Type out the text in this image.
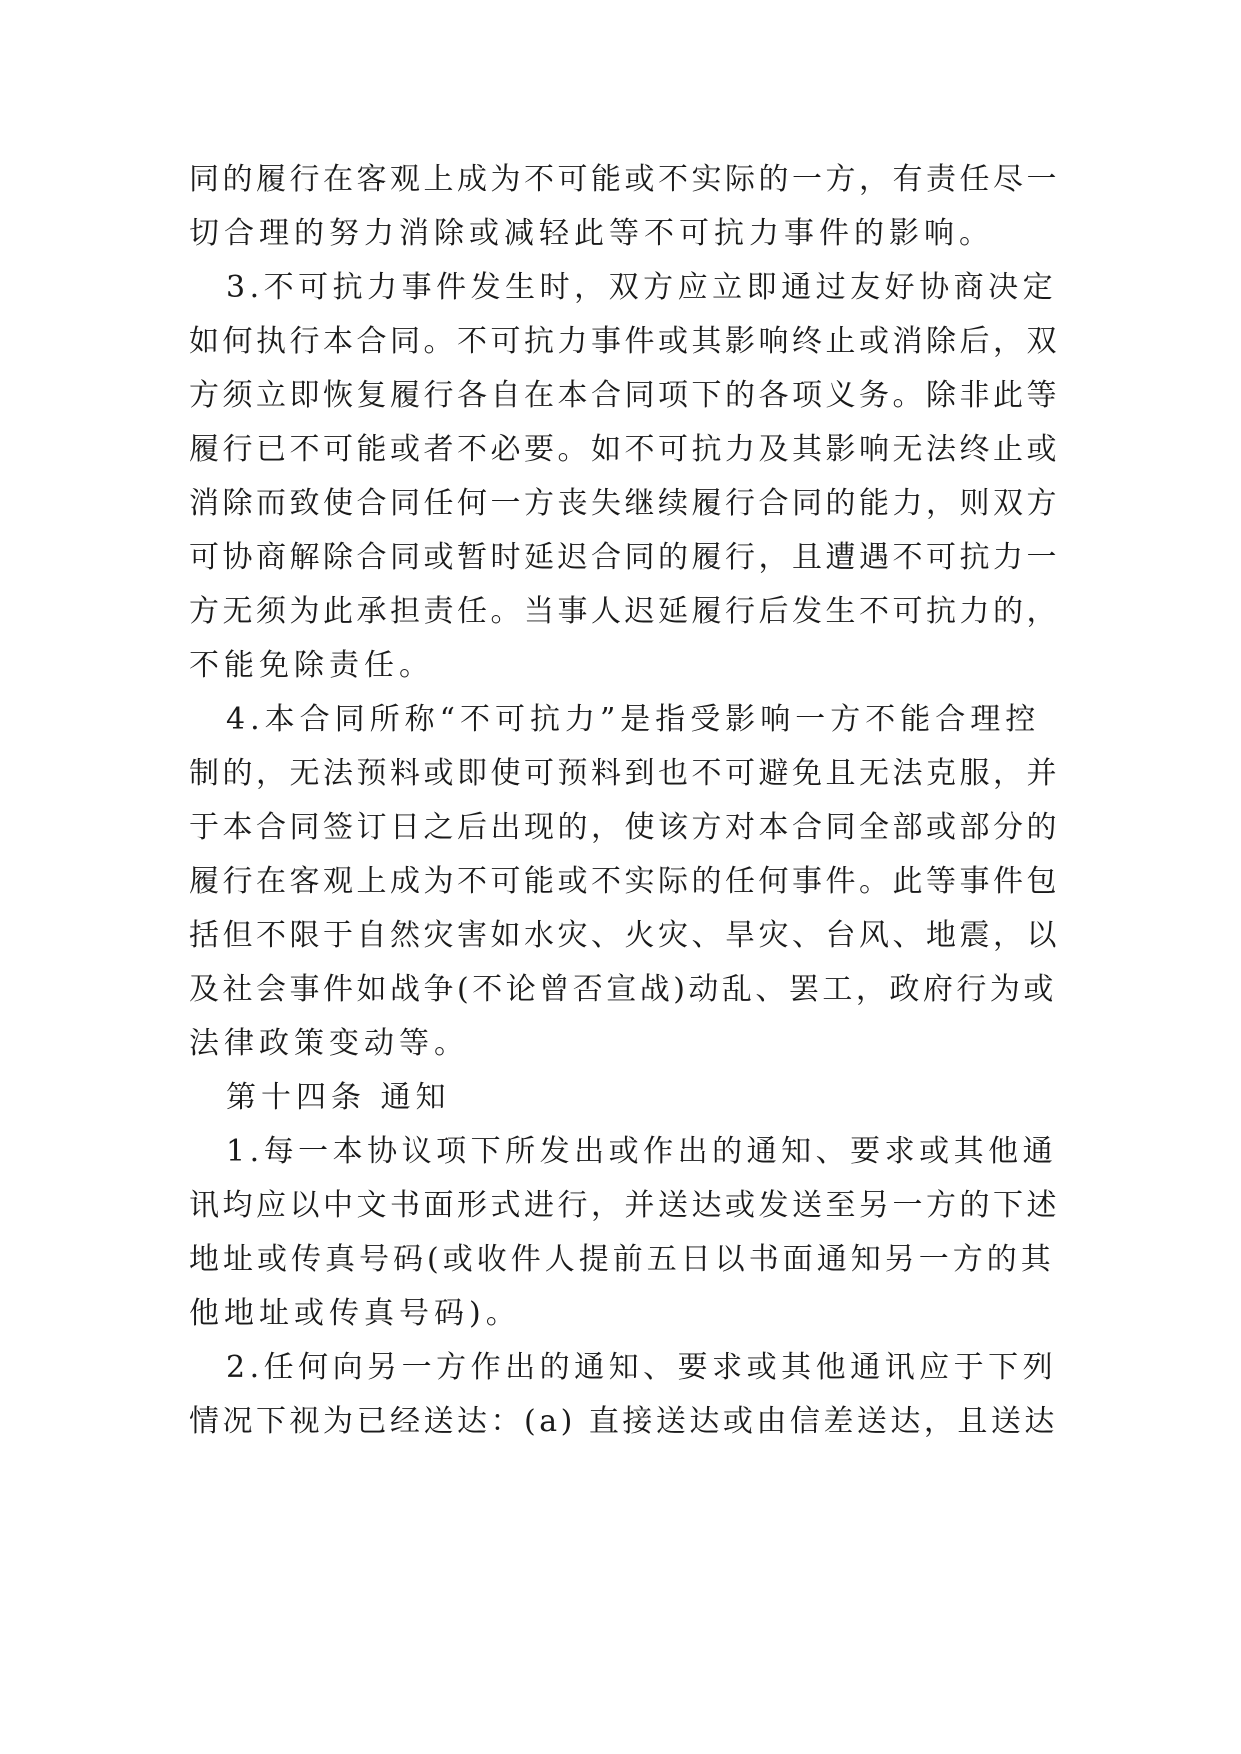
同的履行在客观上成为不可能或不实际的一方，有责任尽一
切合理的努力消除或减轻此等不可抗力事件的影响。
3.不可抗力事件发生时，双方应立即通过友好协商决定
如何执行本合同。不可抗力事件或其影响终止或消除后，双
方须立即恢复履行各自在本合同项下的各项义务。除非此等
履行已不可能或者不必要。如不可抗力及其影响无法终止或
消除而致使合同任何一方丧失继续履行合同的能力，则双方
可协商解除合同或暂时延迟合同的履行，且遭遇不可抗力一
方无须为此承担责任。当事人迟延履行后发生不可抗力的，
不能免除责任。
4.本合同所称“不可抗力”是指受影响一方不能合理控
制的，无法预料或即使可预料到也不可避免且无法克服，并
于本合同签订日之后出现的，使该方对本合同全部或部分的
履行在客观上成为不可能或不实际的任何事件。此等事件包
括但不限于自然灾害如水灾、火灾、旱灾、台风、地震，以
及社会事件如战争(不论曾否宣战)动乱、罢工，政府行为或
法律政策变动等。
第十四条 通知
1.每一本协议项下所发出或作出的通知、要求或其他通
讯均应以中文书面形式进行，并送达或发送至另一方的下述
地址或传真号码(或收件人提前五日以书面通知另一方的其
他地址或传真号码)。
2.任何向另一方作出的通知、要求或其他通讯应于下列
情况下视为已经送达：(a) 直接送达或由信差送达，且送达
